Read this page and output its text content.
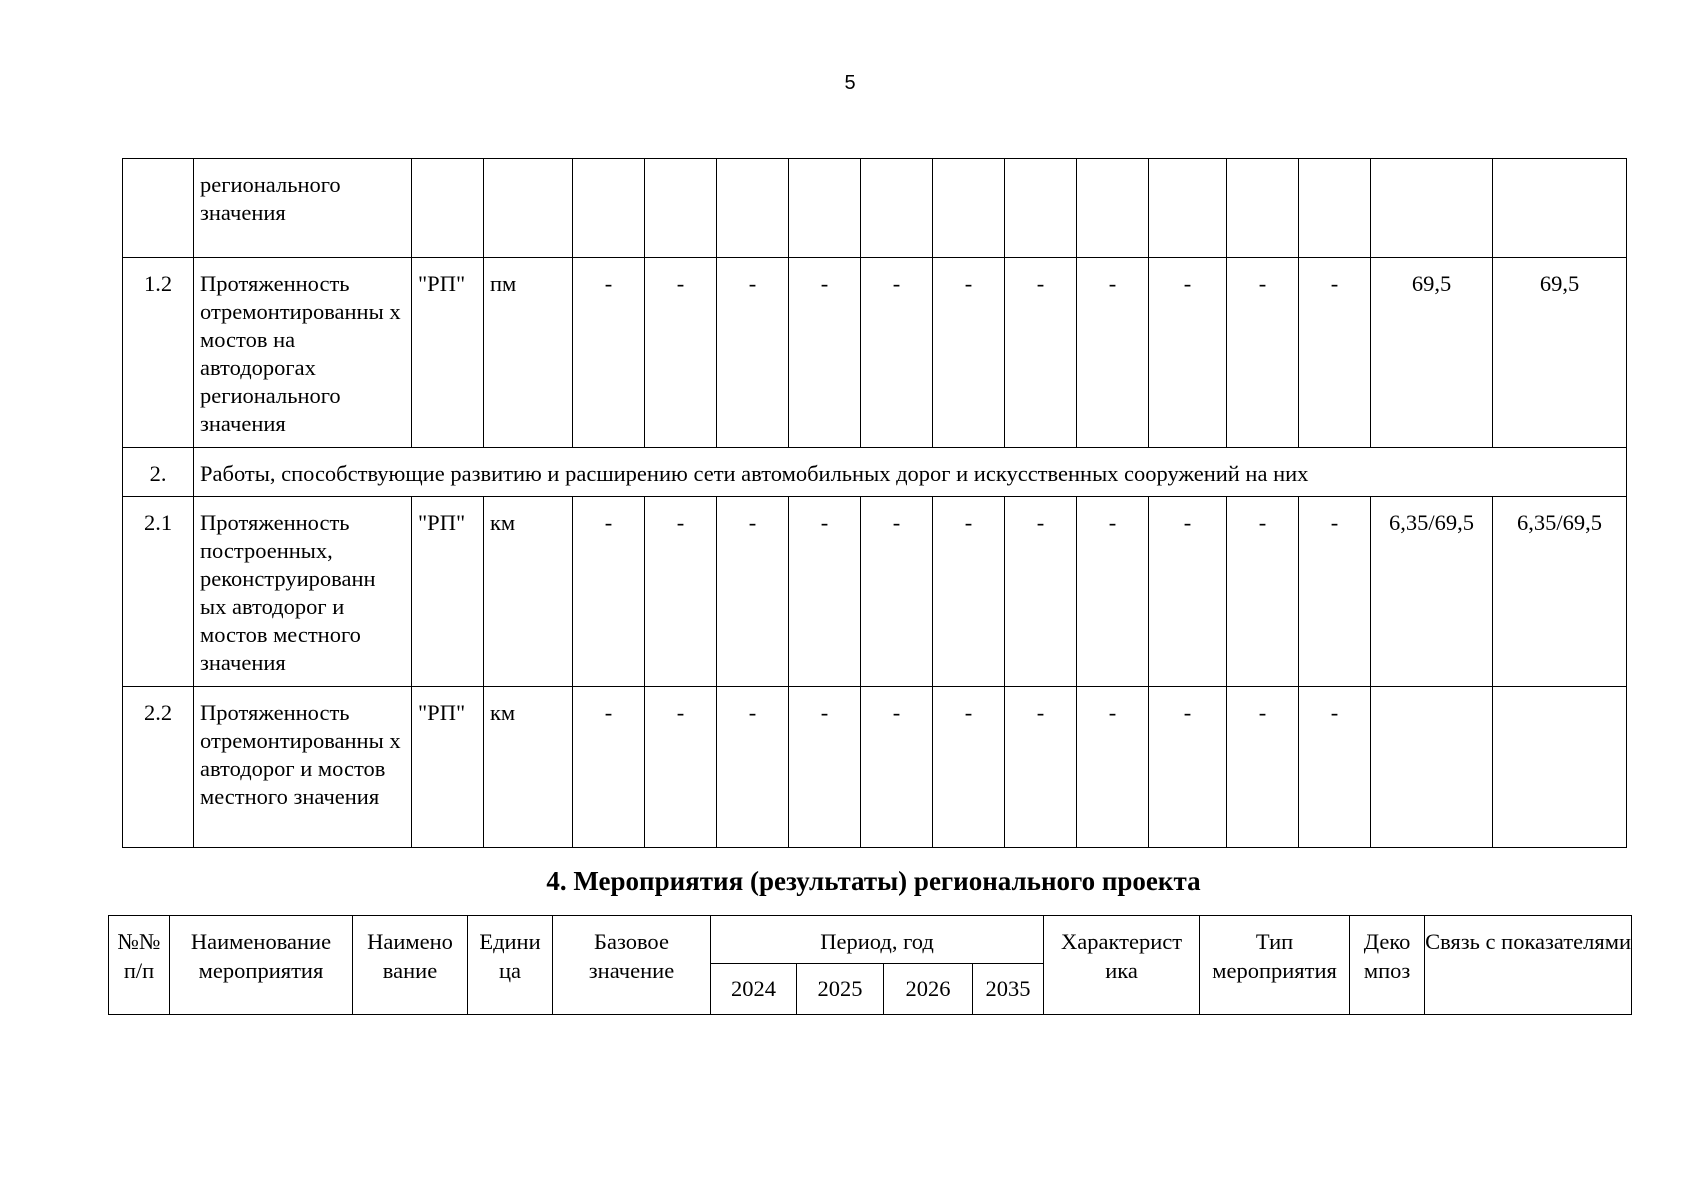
5
	регионального значения															
1.2	Протяженность отремонтированны х мостов на автодорогах регионального значения	"РП"	пм	-	-	-	-	-	-	-	-	-	-	-	69,5	69,5
2.	Работы, способствующие развитию и расширению сети автомобильных дорог и искусственных сооружений на них															
2.1	Протяженность построенных, реконструированн ых автодорог и мостов местного значения	"РП"	км	-	-	-	-	-	-	-	-	-	-	-	6,35/69,5	6,35/69,5
2.2	Протяженность отремонтированны х автодорог и мостов местного значения	"РП"	км	-	-	-	-	-	-	-	-	-	-	-		
4. Мероприятия (результаты) регионального проекта
№№ п/п	Наименование мероприятия	Наимено вание	Едини ца	Базовое значение	Период, год				Характерист ика	Тип мероприятия	Деко мпоз	Связь с показателями
					2024	2025	2026	2035				
